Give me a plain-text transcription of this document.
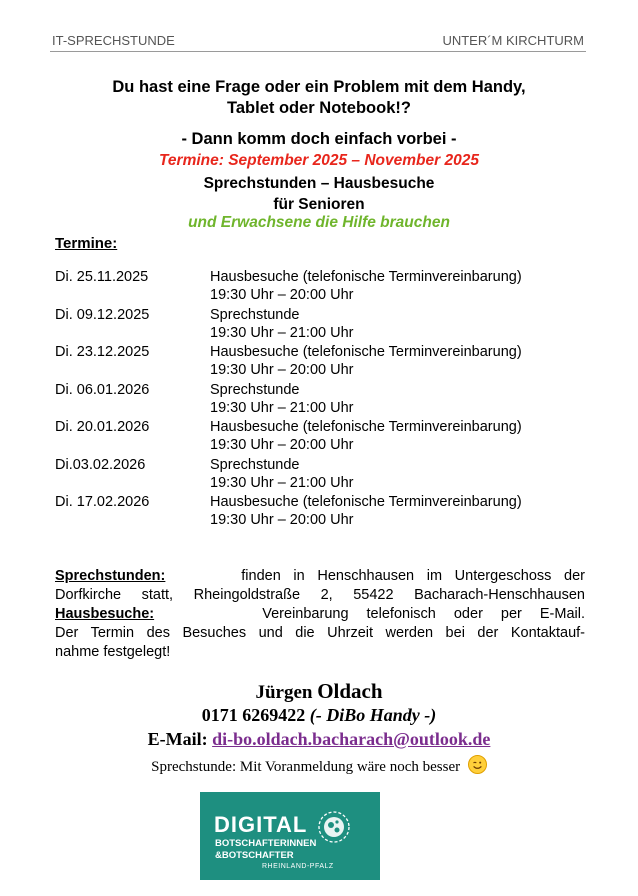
IT-SPRECHSTUNDE	UNTER´M KIRCHTURM
Du hast eine Frage oder ein Problem mit dem Handy,
Tablet oder Notebook!?
- Dann komm doch einfach vorbei -
Termine: September 2025 – November 2025
Sprechstunden – Hausbesuche
für Senioren
und Erwachsene die Hilfe brauchen
Termine:
Di. 25.11.2025	Hausbesuche (telefonische Terminvereinbarung)
19:30 Uhr – 20:00 Uhr
Di. 09.12.2025	Sprechstunde
19:30 Uhr – 21:00 Uhr
Di. 23.12.2025	Hausbesuche (telefonische Terminvereinbarung)
19:30 Uhr – 20:00 Uhr
Di. 06.01.2026	Sprechstunde
19:30 Uhr – 21:00 Uhr
Di. 20.01.2026	Hausbesuche (telefonische Terminvereinbarung)
19:30 Uhr – 20:00 Uhr
Di.03.02.2026	Sprechstunde
19:30 Uhr – 21:00 Uhr
Di. 17.02.2026	Hausbesuche (telefonische Terminvereinbarung)
19:30 Uhr – 20:00 Uhr
Sprechstunden:	finden in Henschhausen im Untergeschoss der
Dorfkirche statt, Rheingoldstraße 2, 55422 Bacharach-Henschhausen
Hausbesuche:	Vereinbarung telefonisch oder per E-Mail.
Der Termin des Besuches und die Uhrzeit werden bei der Kontaktauf-
nahme festgelegt!
Jürgen Oldach
0171 6269422 (- DiBo Handy -)
E-Mail: di-bo.oldach.bacharach@outlook.de
Sprechstunde: Mit Voranmeldung wäre noch besser
DIGITAL
BOTSCHAFTERINNEN
&BOTSCHAFTER
RHEINLAND-PFALZ
